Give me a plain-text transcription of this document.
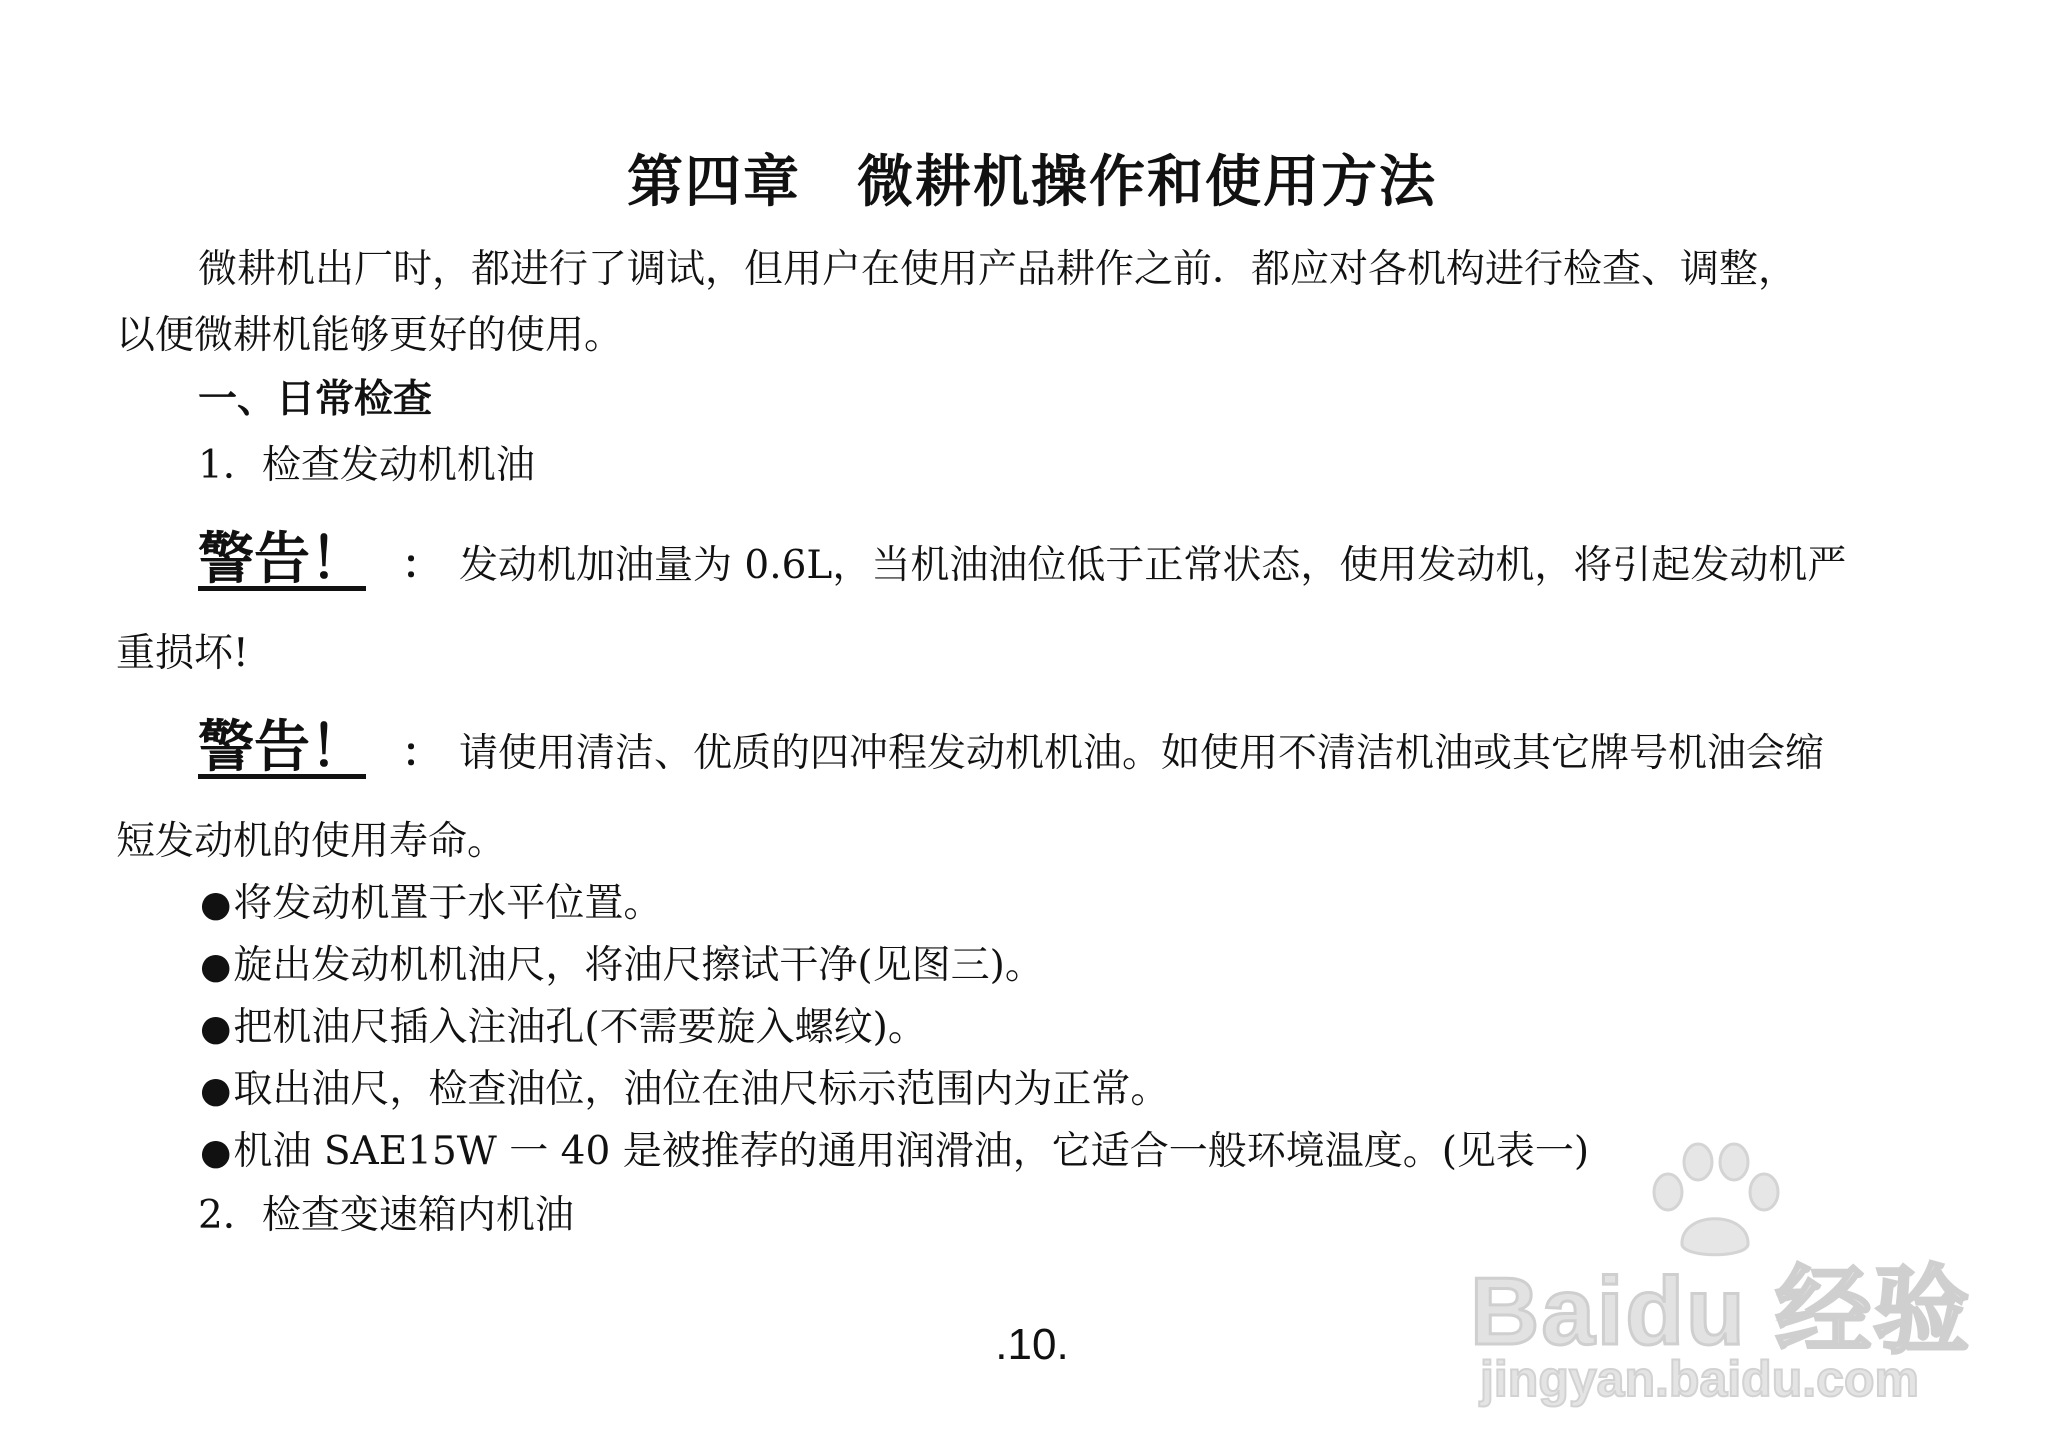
第四章 微耕机操作和使用方法
微耕机出厂时，都进行了调试，但用户在使用产品耕作之前．都应对各机构进行检查、调整，
以便微耕机能够更好的使用。
一、日常检查
1．检查发动机机油
警告！ ： 发动机加油量为 0.6L，当机油油位低于正常状态，使用发动机，将引起发动机严
重损坏!
警告！ ： 请使用清洁、优质的四冲程发动机机油。如使用不清洁机油或其它牌号机油会缩
短发动机的使用寿命。
●将发动机置于水平位置。
●旋出发动机机油尺，将油尺擦试干净(见图三)。
●把机油尺插入注油孔(不需要旋入螺纹)。
●取出油尺，检查油位，油位在油尺标示范围内为正常。
●机油 SAE15W 一 40 是被推荐的通用润滑油，它适合一般环境温度。(见表一)
2．检查变速箱内机油
.10.	Baidu 经验
jingyan.baidu.com
